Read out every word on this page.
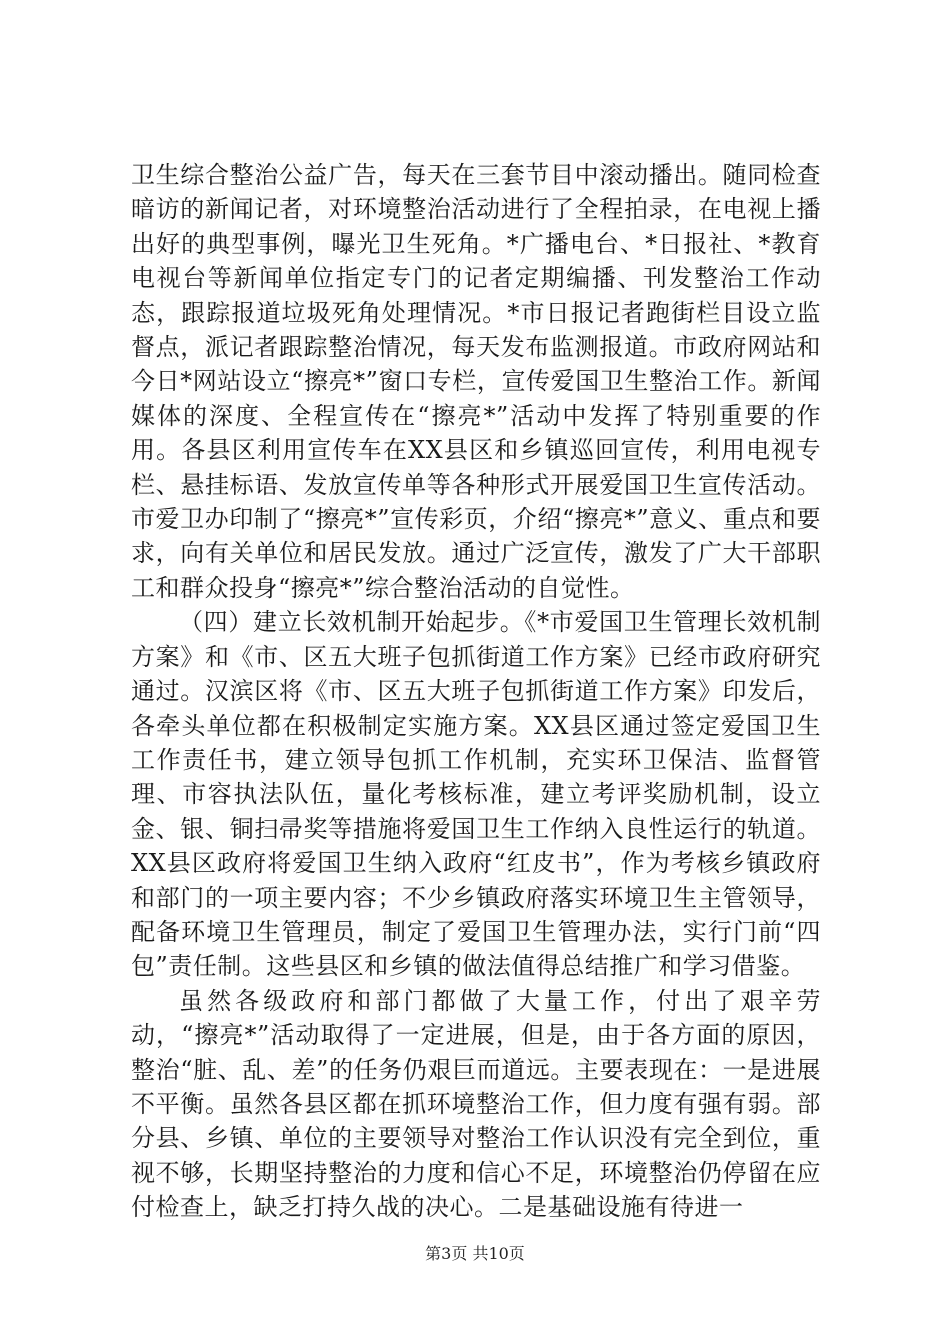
卫生综合整治公益广告，每天在三套节目中滚动播出。随同检查暗访的新闻记者，对环境整治活动进行了全程拍录，在电视上播出好的典型事例，曝光卫生死角。*广播电台、*日报社、*教育电视台等新闻单位指定专门的记者定期编播、刊发整治工作动态，跟踪报道垃圾死角处理情况。*市日报记者跑街栏目设立监督点，派记者跟踪整治情况，每天发布监测报道。市政府网站和今日*网站设立“擦亮*”窗口专栏，宣传爱国卫生整治工作。新闻媒体的深度、全程宣传在“擦亮*”活动中发挥了特别重要的作用。各县区利用宣传车在XX县区和乡镇巡回宣传，利用电视专栏、悬挂标语、发放宣传单等各种形式开展爱国卫生宣传活动。市爱卫办印制了“擦亮*”宣传彩页，介绍“擦亮*”意义、重点和要求，向有关单位和居民发放。通过广泛宣传，激发了广大干部职工和群众投身“擦亮*”综合整治活动的自觉性。

（四）建立长效机制开始起步。《*市爱国卫生管理长效机制方案》和《市、区五大班子包抓街道工作方案》已经市政府研究通过。汉滨区将《市、区五大班子包抓街道工作方案》印发后，各牵头单位都在积极制定实施方案。XX县区通过签定爱国卫生工作责任书，建立领导包抓工作机制，充实环卫保洁、监督管理、市容执法队伍，量化考核标准，建立考评奖励机制，设立金、银、铜扫帚奖等措施将爱国卫生工作纳入良性运行的轨道。XX县区政府将爱国卫生纳入政府“红皮书”，作为考核乡镇政府和部门的一项主要内容；不少乡镇政府落实环境卫生主管领导，配备环境卫生管理员，制定了爱国卫生管理办法，实行门前“四包”责任制。这些县区和乡镇的做法值得总结推广和学习借鉴。

虽然各级政府和部门都做了大量工作，付出了艰辛劳动，“擦亮*”活动取得了一定进展，但是，由于各方面的原因，整治“脏、乱、差”的任务仍艰巨而道远。主要表现在：一是进展不平衡。虽然各县区都在抓环境整治工作，但力度有强有弱。部分县、乡镇、单位的主要领导对整治工作认识没有完全到位，重视不够，长期坚持整治的力度和信心不足，环境整治仍停留在应付检查上，缺乏打持久战的决心。二是基础设施有待进一

第3页 共10页
